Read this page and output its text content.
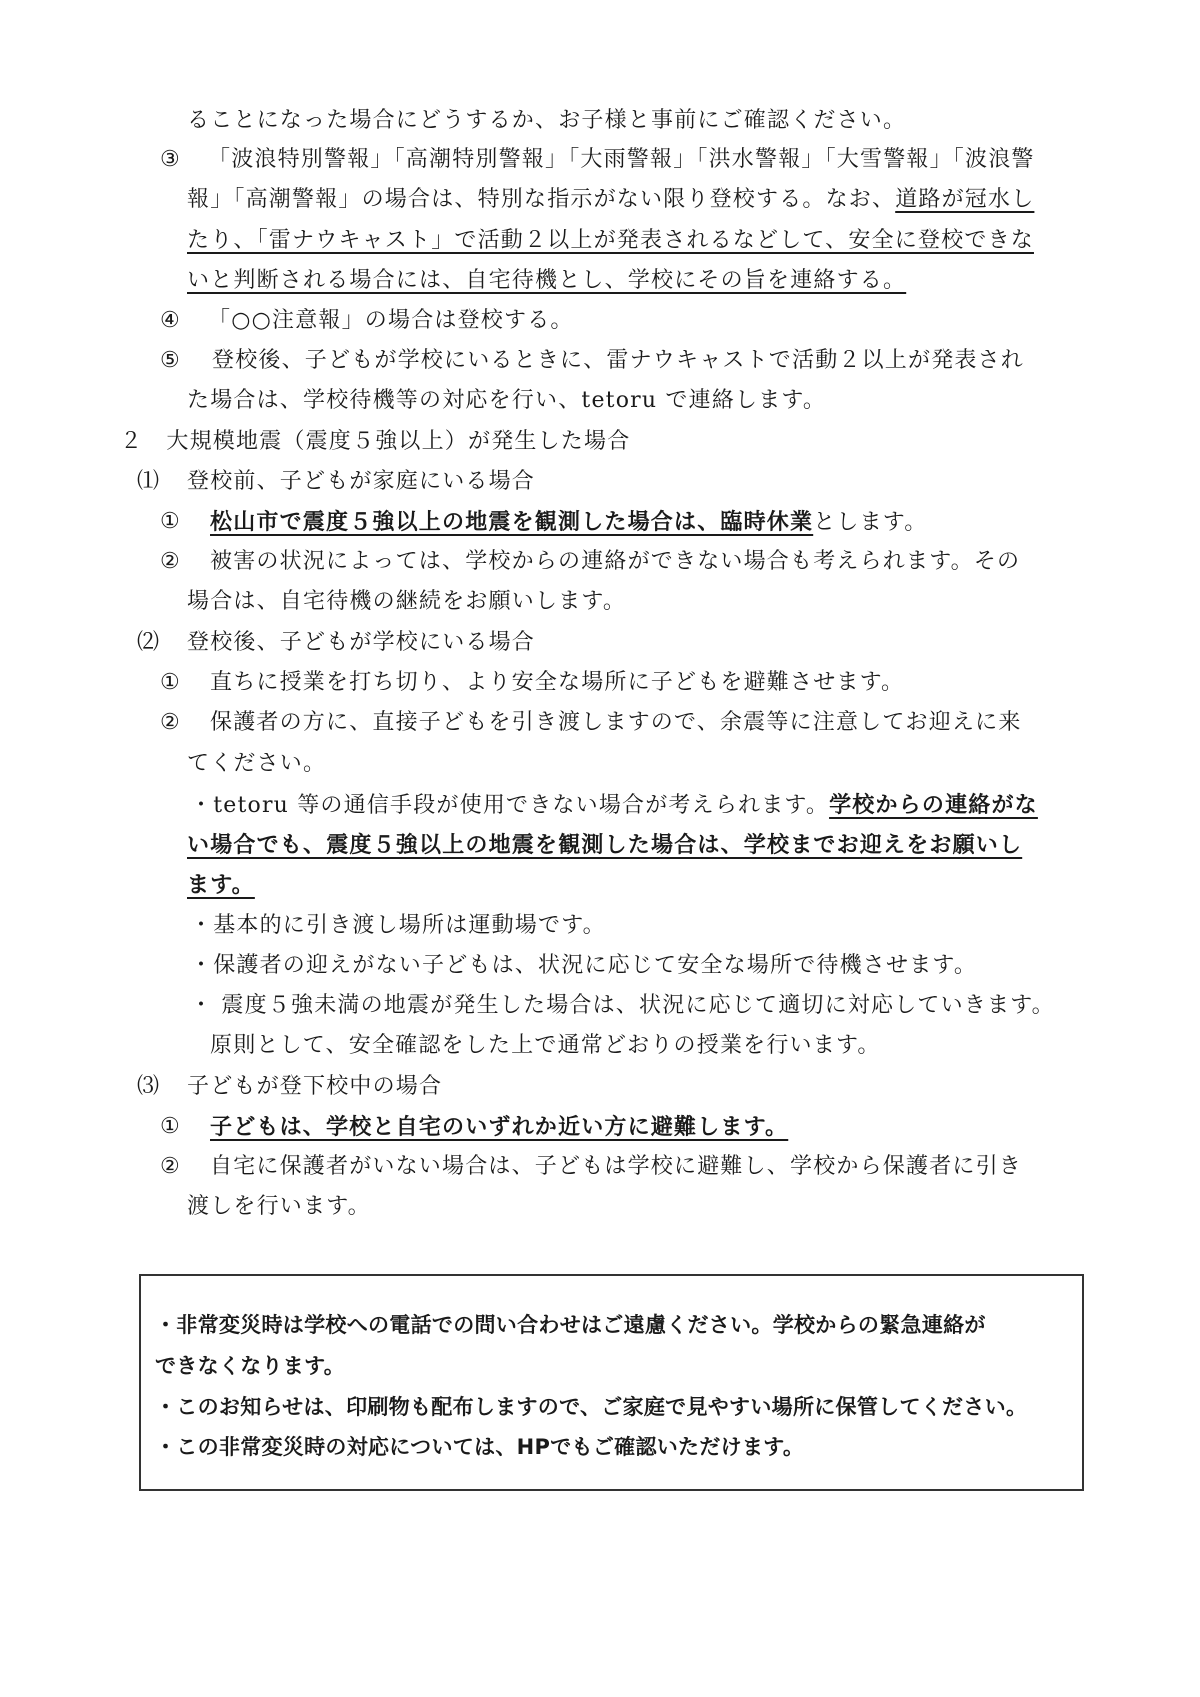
ることになった場合にどうするか、お子様と事前にご確認ください。
③ 「波浪特別警報」「高潮特別警報」「大雨警報」「洪水警報」「大雪警報」「波浪警
報」「高潮警報」の場合は、特別な指示がない限り登校する。なお、道路が冠水し
たり、「雷ナウキャスト」で活動２以上が発表されるなどして、安全に登校できな
いと判断される場合には、自宅待機とし、学校にその旨を連絡する。
④ 「○○注意報」の場合は登校する。
⑤ 登校後、子どもが学校にいるときに、雷ナウキャストで活動２以上が発表され
た場合は、学校待機等の対応を行い、tetoru で連絡します。
２　大規模地震（震度５強以上）が発生した場合
⑴ 登校前、子どもが家庭にいる場合
① 松山市で震度５強以上の地震を観測した場合は、臨時休業とします。
② 被害の状況によっては、学校からの連絡ができない場合も考えられます。その
場合は、自宅待機の継続をお願いします。
⑵ 登校後、子どもが学校にいる場合
① 直ちに授業を打ち切り、より安全な場所に子どもを避難させます。
② 保護者の方に、直接子どもを引き渡しますので、余震等に注意してお迎えに来
てください。
・tetoru 等の通信手段が使用できない場合が考えられます。学校からの連絡がな
い場合でも、震度５強以上の地震を観測した場合は、学校までお迎えをお願いし
ます。
・基本的に引き渡し場所は運動場です。
・保護者の迎えがない子どもは、状況に応じて安全な場所で待機させます。
・ 震度５強未満の地震が発生した場合は、状況に応じて適切に対応していきます。
原則として、安全確認をした上で通常どおりの授業を行います。
⑶ 子どもが登下校中の場合
① 子どもは、学校と自宅のいずれか近い方に避難します。
② 自宅に保護者がいない場合は、子どもは学校に避難し、学校から保護者に引き
渡しを行います。
・非常変災時は学校への電話での問い合わせはご遠慮ください。学校からの緊急連絡が
できなくなります。
・このお知らせは、印刷物も配布しますので、ご家庭で見やすい場所に保管してください。
・この非常変災時の対応については、HPでもご確認いただけます。
